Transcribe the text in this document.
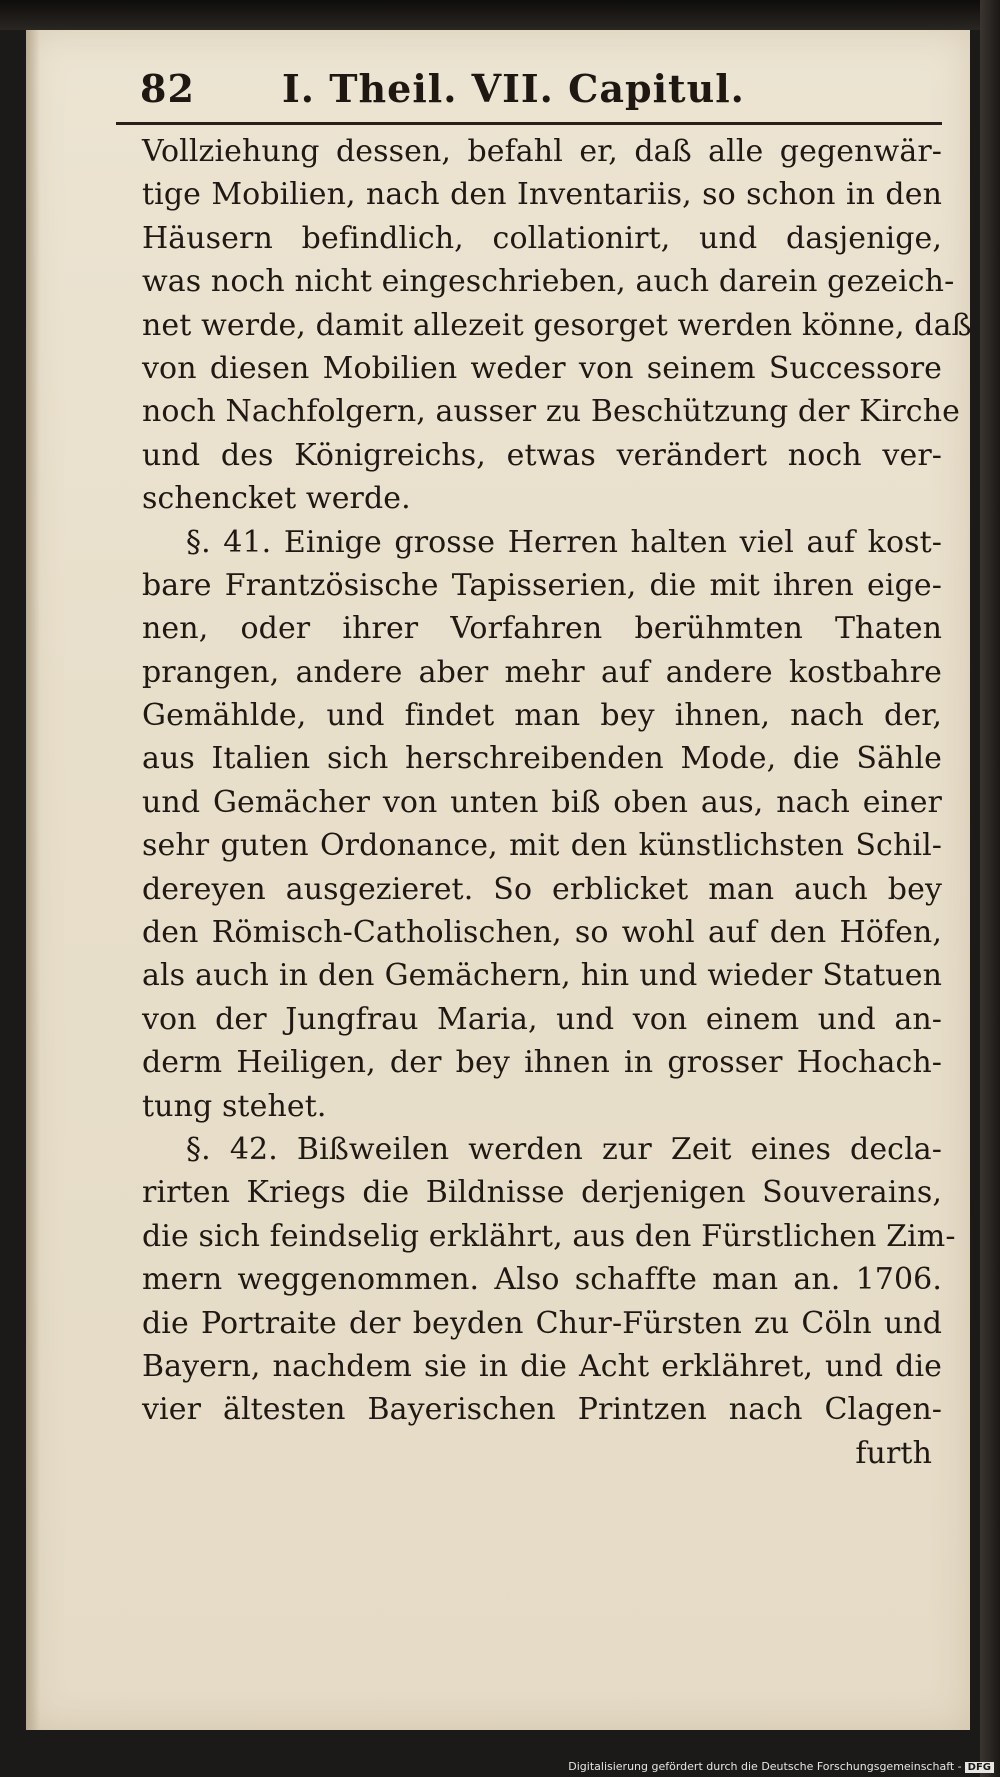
82 I. Theil. VII. Capitul.
Vollziehung dessen, befahl er, daß alle gegenwär-
tige Mobilien, nach den Inventariis, so schon in den
Häusern befindlich, collationirt, und dasjenige,
was noch nicht eingeschrieben, auch darein gezeich-
net werde, damit allezeit gesorget werden könne, daß
von diesen Mobilien weder von seinem Successore
noch Nachfolgern, ausser zu Beschützung der Kirche
und des Königreichs, etwas verändert noch ver-
schencket werde.
§. 41. Einige grosse Herren halten viel auf kost-
bare Frantzösische Tapisserien, die mit ihren eige-
nen, oder ihrer Vorfahren berühmten Thaten
prangen, andere aber mehr auf andere kostbahre
Gemählde, und findet man bey ihnen, nach der,
aus Italien sich herschreibenden Mode, die Sähle
und Gemächer von unten biß oben aus, nach einer
sehr guten Ordonance, mit den künstlichsten Schil-
dereyen ausgezieret. So erblicket man auch bey
den Römisch-Catholischen, so wohl auf den Höfen,
als auch in den Gemächern, hin und wieder Statuen
von der Jungfrau Maria, und von einem und an-
derm Heiligen, der bey ihnen in grosser Hochach-
tung stehet.
§. 42. Bißweilen werden zur Zeit eines decla-
rirten Kriegs die Bildnisse derjenigen Souverains,
die sich feindselig erklährt, aus den Fürstlichen Zim-
mern weggenommen. Also schaffte man an. 1706.
die Portraite der beyden Chur-Fürsten zu Cöln und
Bayern, nachdem sie in die Acht erklähret, und die
vier ältesten Bayerischen Printzen nach Clagen-
furth
Digitalisierung gefördert durch die Deutsche Forschungsgemeinschaft - DFG
